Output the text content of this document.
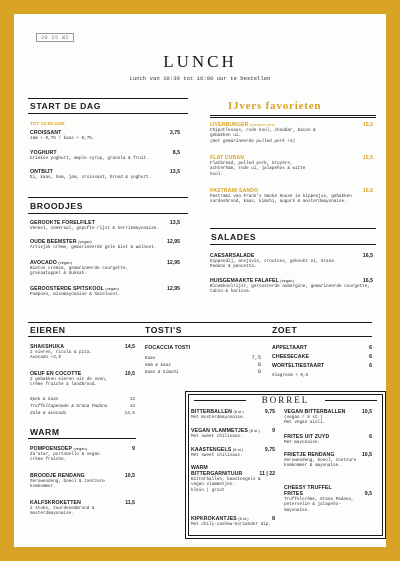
20 25 WI
LUNCH
Lunch van 10:30 tot 16:00 uur te bestellen
START DE DAG
TOT 12:00 UUR
CROISSANT	3,75
Jam + 0,75 / kaas + 0,75.
YOGHURT	8,5
Griekse yoghurt, maple syrup, granola & fruit.
ONTBIJT	13,5
Ei, kaas, ham, jam, croissant, brood & yoghurt.
BROODJES
GEROOKTE FORELFILET	13,5
Venkel, zeekraal, gepofte rijst & kerriemayonaise.
OUDE BEEMSTER (vegan)	12,95
Artisjok crème, gemarineerde gele biet & walnoot.
AVOCADO (vegan)	12,95
Bietus cremsa, gemarineerde courgette, granaatappel & dukkah.
GEROOSTERDE SPITSKOOL (vegan)	12,95
Pompoen, misomayonaise & hazelnoot.
IJvers favorieten
IJVERBURGER (medium-rare)	15,5
Chipotlesaus, rode kool, cheddar, bacon & gebakken ui.
(met gemarineerde pulled pork +3)
FLAT CUBAN	15,5
Flatbread, pulled pork, Gruyère, achterham, rode ui, jalapeños & witte kool.
PASTRAMI SANDO	16,5
Pastrami van Frank's Smoke House in kippenjus, gebakken surdesbrood, kaas, kimchi, augurk & mosterdmayonaise.
SALADES
CAESARSALADE	16,5
Eippendij, ansjovis, croutons, gekookt ei, Grana Padano & pancetta.
HUISGEMAAKTE FALAFEL (vegan)	16,5
Bloemkoolrijst, geroosterde aubergine, gemarineerde courgette, tahin & harissa.
EIEREN
SHAKSHUKA	14,5
2 eieren, ricola & pita.
Avocado +2,5
OEUF EN COCOTTE	10,5
2 gebakken eieren uit de oven, crème fraîche & landbrood.
Spek & kaas	13
Truffeltapenade & Grana Padano	13
Zalm & avocado	14,5
WARM
POMPOENSOEP (vegan)	9
Za'atar, portobello & vegan crème fraîche.
BROODJE RENDANG	10,5
Serowendeng, boeol & zoetzure komkommer.
KALFSKROKETTEN	11,5
2 stuks, zuurdesembrood & mosterdmayonaise.
TOSTI'S
FOCACCIA TOSTI
Kaas	7,5
Ham & kaas	8
Kaas & kimchi	8
ZOET
APPELTAART	6
CHEESECAKE	6
WORTELTIESTAART	6
Slagroom + 0,5
BORREL
BITTERBALLEN (8 st.)	9,75
Met mosterdmayonaise.
VEGAN VLAMMETJES (8 st.) 9
Met sweet chilisaus.
KAASTENGELS (8 st.)	9,75
Met sweet chilisaus.
WARM BITTERGARNITUUR	11 | 22
Bitterballen, kaastengels & vegan vlammetjes.
klein | groot
KIPKROKANTJES (6 st.)	8
Met chili-cashew-koriander dip.
VEGAN BITTERBALLEN	10,5
(vegan / 8 st.)
Met vegan aioli.
FRITES UIT ZUYD	6
Met mayonaise.
FRIETJE RENDANG	10,5
Serowendeng, boeol, zoetzure komkommer & mayonaise.
CHEESY TRUFFEL FRITES	9,5
Truffelcrème, Grana Padano, peterselie & jalapeño-mayonaise.
